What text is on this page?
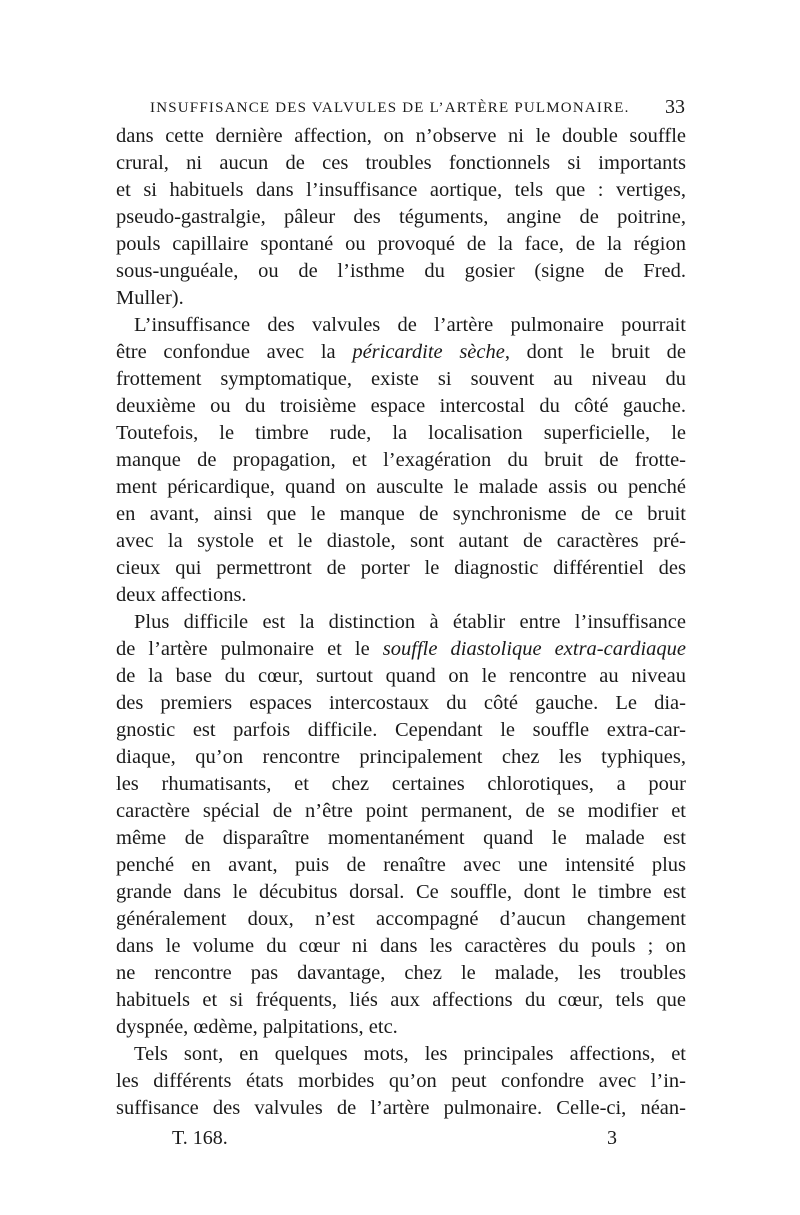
INSUFFISANCE DES VALVULES DE L’ARTÈRE PULMONAIRE. 33
dans cette dernière affection, on n’observe ni le double souffle
crural, ni aucun de ces troubles fonctionnels si importants
et si habituels dans l’insuffisance aortique, tels que : vertiges,
pseudo-gastralgie, pâleur des téguments, angine de poitrine,
pouls capillaire spontané ou provoqué de la face, de la région
sous-unguéale, ou de l’isthme du gosier (signe de Fred.
Muller).
L’insuffisance des valvules de l’artère pulmonaire pourrait
être confondue avec la péricardite sèche, dont le bruit de
frottement symptomatique, existe si souvent au niveau du
deuxième ou du troisième espace intercostal du côté gauche.
Toutefois, le timbre rude, la localisation superficielle, le
manque de propagation, et l’exagération du bruit de frotte-
ment péricardique, quand on ausculte le malade assis ou penché
en avant, ainsi que le manque de synchronisme de ce bruit
avec la systole et le diastole, sont autant de caractères pré-
cieux qui permettront de porter le diagnostic différentiel des
deux affections.
Plus difficile est la distinction à établir entre l’insuffisance
de l’artère pulmonaire et le souffle diastolique extra-cardiaque
de la base du cœur, surtout quand on le rencontre au niveau
des premiers espaces intercostaux du côté gauche. Le dia-
gnostic est parfois difficile. Cependant le souffle extra-car-
diaque, qu’on rencontre principalement chez les typhiques,
les rhumatisants, et chez certaines chlorotiques, a pour
caractère spécial de n’être point permanent, de se modifier et
même de disparaître momentanément quand le malade est
penché en avant, puis de renaître avec une intensité plus
grande dans le décubitus dorsal. Ce souffle, dont le timbre est
généralement doux, n’est accompagné d’aucun changement
dans le volume du cœur ni dans les caractères du pouls ; on
ne rencontre pas davantage, chez le malade, les troubles
habituels et si fréquents, liés aux affections du cœur, tels que
dyspnée, œdème, palpitations, etc.
Tels sont, en quelques mots, les principales affections, et
les différents états morbides qu’on peut confondre avec l’in-
suffisance des valvules de l’artère pulmonaire. Celle-ci, néan-
T. 168.	3
